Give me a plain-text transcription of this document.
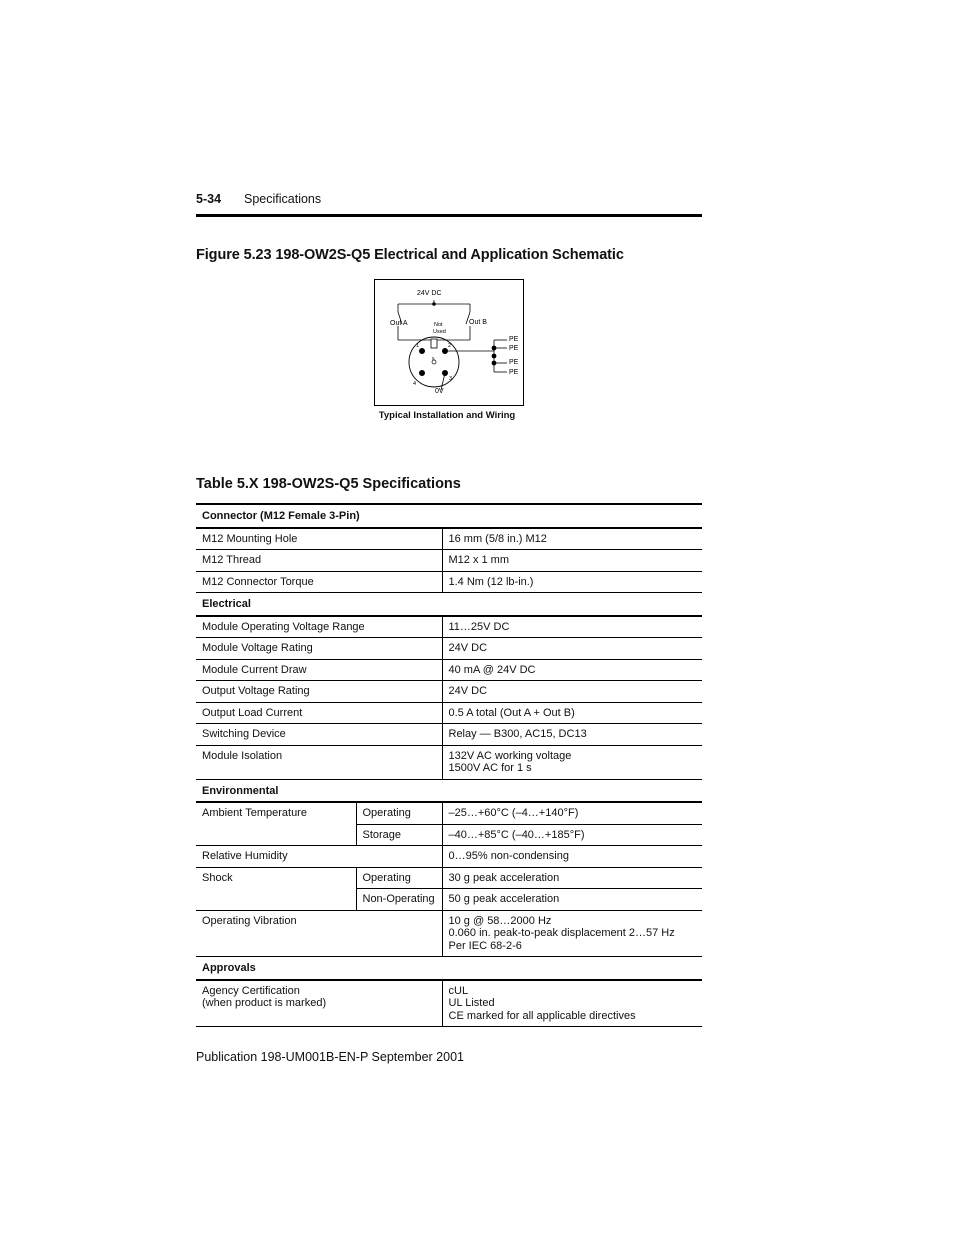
5-34	Specifications
Figure 5.23 198-OW2S-Q5 Electrical and Application Schematic
24V DC
Out A	Out B
Not
Used
1	2
3
4
5
0V
PE
PE
PE
PE
Typical Installation and Wiring
Table 5.X 198-OW2S-Q5 Specifications
Connector (M12 Female 3-Pin)		
M12 Mounting Hole		16 mm (5/8 in.) M12
M12 Thread		M12 x 1 mm
M12 Connector Torque		1.4 Nm (12 lb-in.)
Electrical		
Module Operating Voltage Range		11…25V DC
Module Voltage Rating		24V DC
Module Current Draw		40 mA @ 24V DC
Output Voltage Rating		24V DC
Output Load Current		0.5 A total (Out A + Out B)
Switching Device		Relay — B300, AC15, DC13
Module Isolation		132V AC working voltage
1500V AC for 1 s

Environmental		
Ambient Temperature	Operating	–25…+60°C (–4…+140°F)
	Storage	–40…+85°C (–40…+185°F)
Relative Humidity		0…95% non-condensing
Shock	Operating	30 g peak acceleration
	Non-Operating	50 g peak acceleration
Operating Vibration		10 g @ 58…2000 Hz
0.060 in. peak-to-peak displacement 2…57 Hz
Per IEC 68-2-6

Approvals		

Agency Certification
(when product is marked)		cUL
UL Listed
CE marked for all applicable directives
Publication 198-UM001B-EN-P September 2001
